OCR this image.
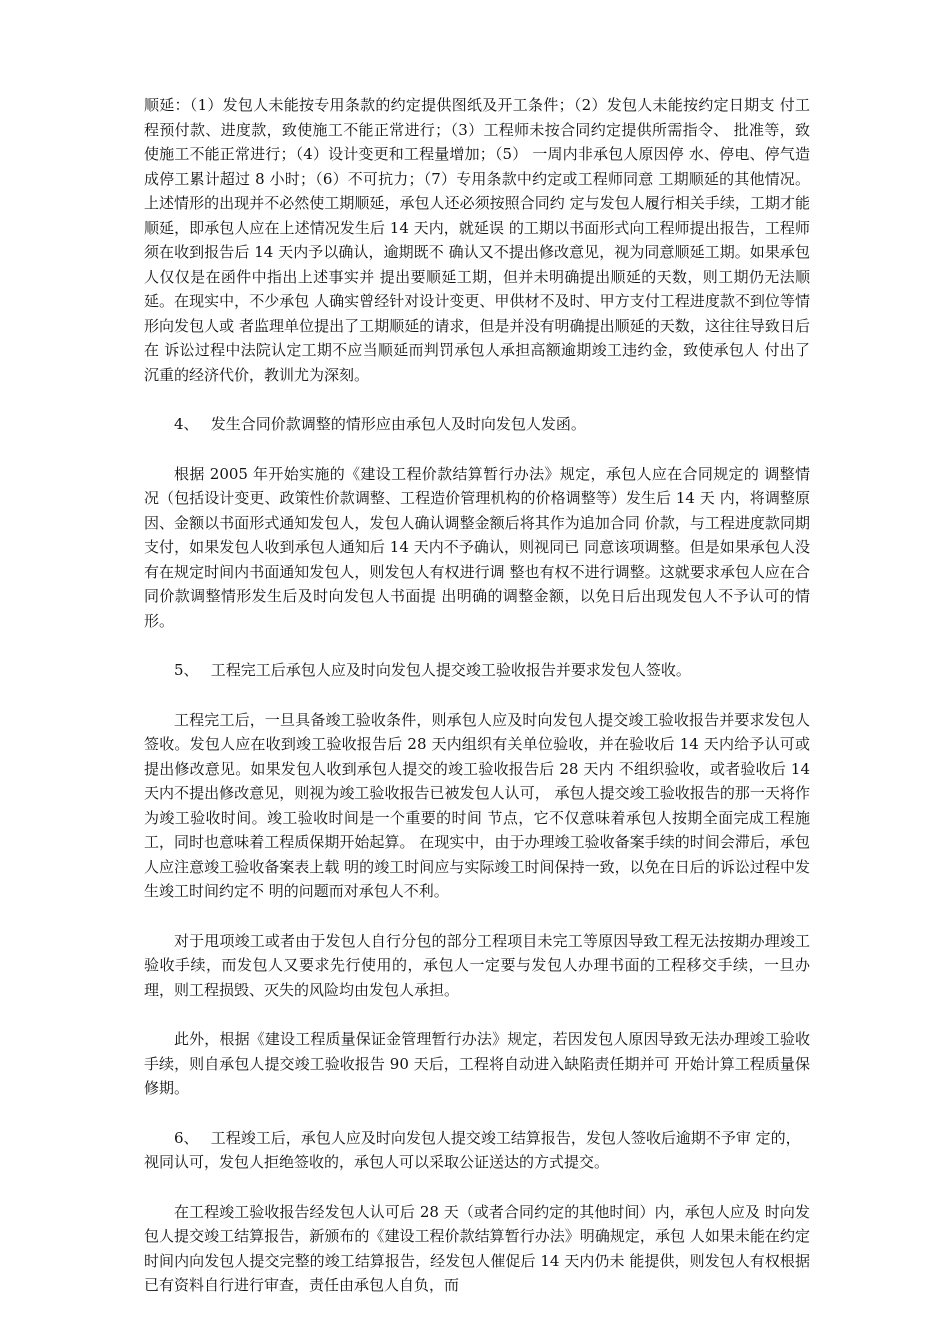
顺延：（1）发包人未能按专用条款的约定提供图纸及开工条件；（2）发包人未能按约定日期支 付工程预付款、进度款，致使施工不能正常进行；（3）工程师未按合同约定提供所需指令、 批准等，致使施工不能正常进行；（4）设计变更和工程量增加；（5） 一周内非承包人原因停 水、停电、停气造成停工累计超过 8 小时；（6）不可抗力；（7）专用条款中约定或工程师同意 工期顺延的其他情况。上述情形的出现并不必然使工期顺延，承包人还必须按照合同约 定与发包人履行相关手续，工期才能顺延，即承包人应在上述情况发生后 14 天内，就延误 的工期以书面形式向工程师提出报告，工程师须在收到报告后 14 天内予以确认，逾期既不 确认又不提出修改意见，视为同意顺延工期。如果承包人仅仅是在函件中指出上述事实并 提出要顺延工期，但并未明确提出顺延的天数，则工期仍无法顺延。在现实中，不少承包 人确实曾经针对设计变更、甲供材不及时、甲方支付工程进度款不到位等情形向发包人或 者监理单位提出了工期顺延的请求，但是并没有明确提出顺延的天数，这往往导致日后在 诉讼过程中法院认定工期不应当顺延而判罚承包人承担高额逾期竣工违约金，致使承包人 付出了沉重的经济代价，教训尤为深刻。

4、　 发生合同价款调整的情形应由承包人及时向发包人发函。

根据 2005 年开始实施的《建设工程价款结算暂行办法》规定，承包人应在合同规定的 调整情况（包括设计变更、政策性价款调整、工程造价管理机构的价格调整等）发生后 14 天 内，将调整原因、金额以书面形式通知发包人，发包人确认调整金额后将其作为追加合同 价款，与工程进度款同期支付，如果发包人收到承包人通知后 14 天内不予确认，则视同已 同意该项调整。但是如果承包人没有在规定时间内书面通知发包人，则发包人有权进行调 整也有权不进行调整。这就要求承包人应在合同价款调整情形发生后及时向发包人书面提 出明确的调整金额，以免日后出现发包人不予认可的情形。

5、　 工程完工后承包人应及时向发包人提交竣工验收报告并要求发包人签收。

工程完工后，一旦具备竣工验收条件，则承包人应及时向发包人提交竣工验收报告并要求发包人签收。发包人应在收到竣工验收报告后 28 天内组织有关单位验收，并在验收后 14 天内给予认可或提出修改意见。如果发包人收到承包人提交的竣工验收报告后 28 天内 不组织验收，或者验收后 14 天内不提出修改意见，则视为竣工验收报告已被发包人认可， 承包人提交竣工验收报告的那一天将作为竣工验收时间。竣工验收时间是一个重要的时间 节点，它不仅意味着承包人按期全面完成工程施工，同时也意味着工程质保期开始起算。 在现实中，由于办理竣工验收备案手续的时间会滞后，承包人应注意竣工验收备案表上载 明的竣工时间应与实际竣工时间保持一致，以免在日后的诉讼过程中发生竣工时间约定不 明的问题而对承包人不利。

对于甩项竣工或者由于发包人自行分包的部分工程项目未完工等原因导致工程无法按期办理竣工验收手续，而发包人又要求先行使用的，承包人一定要与发包人办理书面的工程移交手续，一旦办理，则工程损毁、灭失的风险均由发包人承担。

此外，根据《建设工程质量保证金管理暂行办法》规定，若因发包人原因导致无法办理竣工验收手续，则自承包人提交竣工验收报告 90 天后，工程将自动进入缺陷责任期并可 开始计算工程质量保修期。

6、　 工程竣工后，承包人应及时向发包人提交竣工结算报告，发包人签收后逾期不予审 定的，视同认可，发包人拒绝签收的，承包人可以采取公证送达的方式提交。

在工程竣工验收报告经发包人认可后 28 天（或者合同约定的其他时间）内，承包人应及 时向发包人提交竣工结算报告，新颁布的《建设工程价款结算暂行办法》明确规定，承包 人如果未能在约定时间内向发包人提交完整的竣工结算报告，经发包人催促后 14 天内仍未 能提供，则发包人有权根据已有资料自行进行审查，责任由承包人自负，而
